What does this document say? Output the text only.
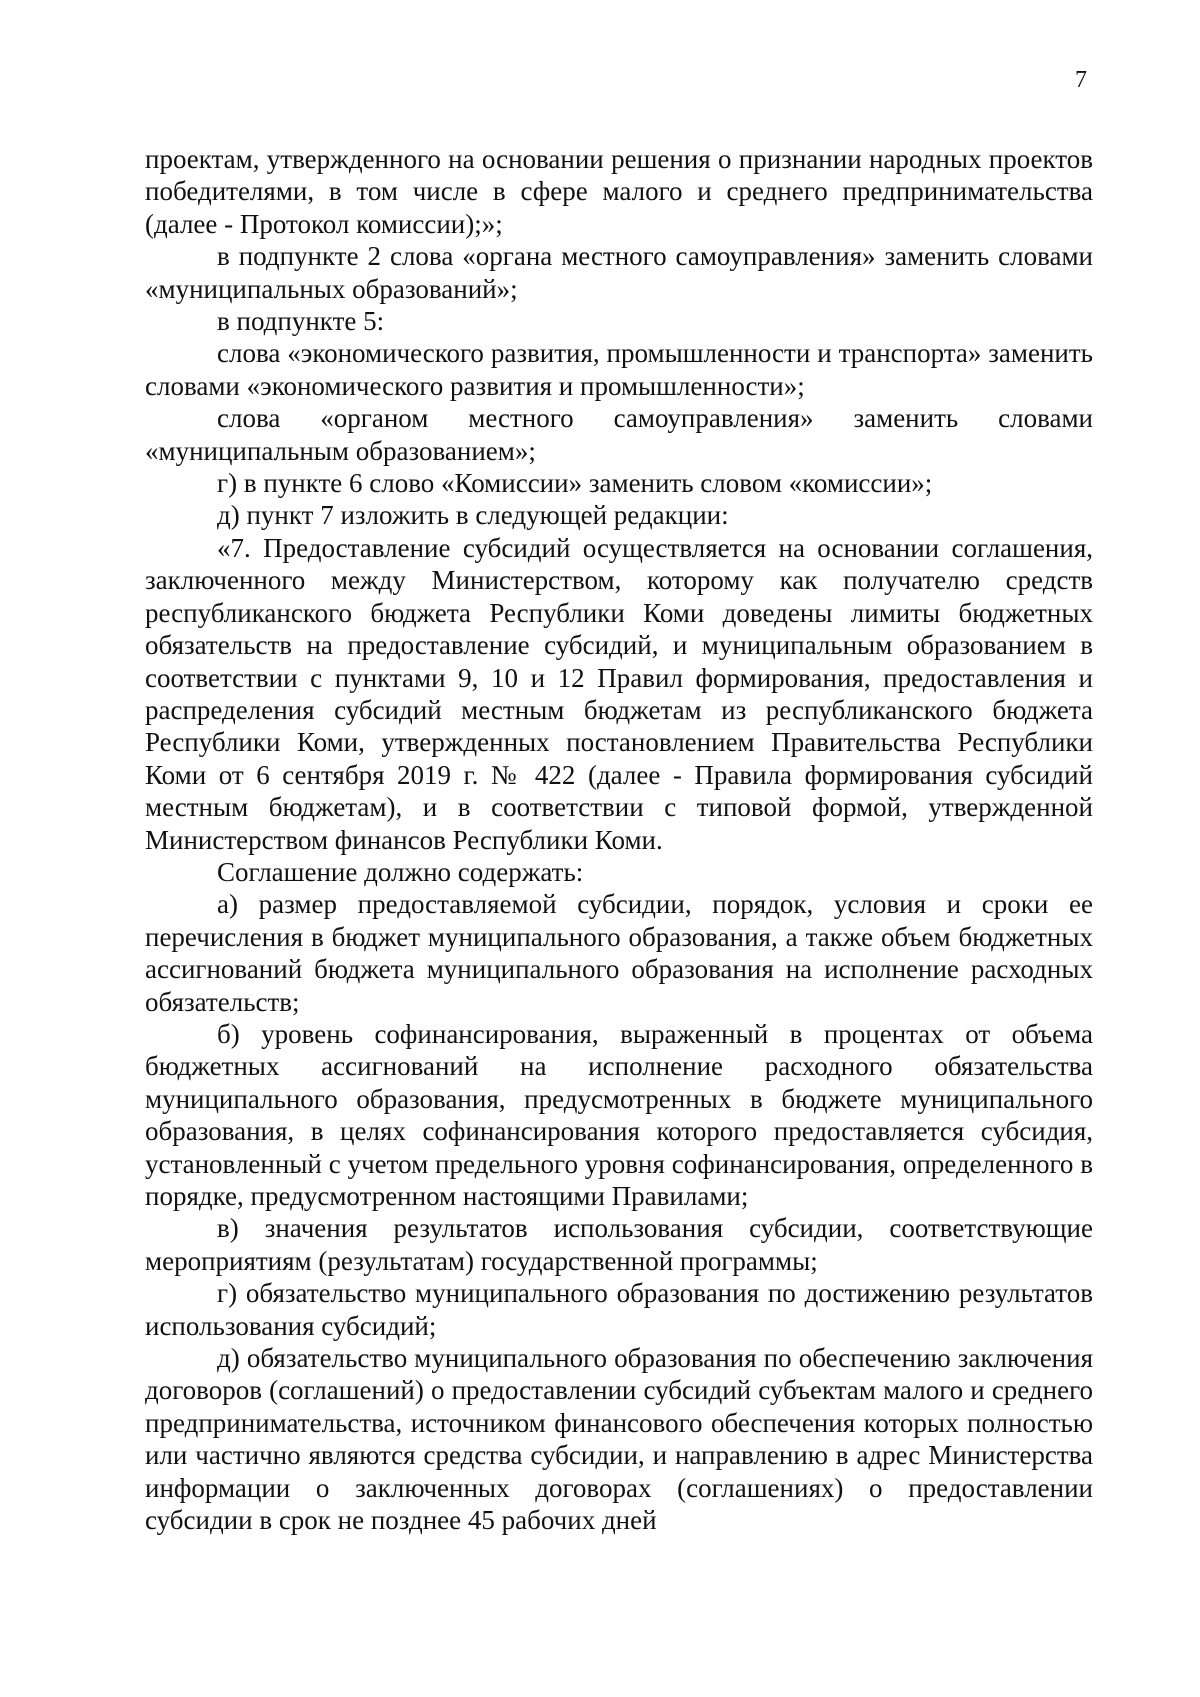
7

проектам, утвержденного на основании решения о признании народных проектов победителями, в том числе в сфере малого и среднего предпринимательства (далее - Протокол комиссии);»;

в подпункте 2 слова «органа местного самоуправления» заменить словами «муниципальных образований»;

в подпункте 5:

слова «экономического развития, промышленности и транспорта» заменить словами «экономического развития и промышленности»;

слова «органом местного самоуправления» заменить словами «муниципальным образованием»;

г) в пункте 6 слово «Комиссии» заменить словом «комиссии»;

д) пункт 7 изложить в следующей редакции:

«7. Предоставление субсидий осуществляется на основании соглашения, заключенного между Министерством, которому как получателю средств республиканского бюджета Республики Коми доведены лимиты бюджетных обязательств на предоставление субсидий, и муниципальным образованием в соответствии с пунктами 9, 10 и 12 Правил формирования, предоставления и распределения субсидий местным бюджетам из республиканского бюджета Республики Коми, утвержденных постановлением Правительства Республики Коми от 6 сентября 2019 г. № 422 (далее - Правила формирования субсидий местным бюджетам), и в соответствии с типовой формой, утвержденной Министерством финансов Республики Коми.

Соглашение должно содержать:

а) размер предоставляемой субсидии, порядок, условия и сроки ее перечисления в бюджет муниципального образования, а также объем бюджетных ассигнований бюджета муниципального образования на исполнение расходных обязательств;

б) уровень софинансирования, выраженный в процентах от объема бюджетных ассигнований на исполнение расходного обязательства муниципального образования, предусмотренных в бюджете муниципального образования, в целях софинансирования которого предоставляется субсидия, установленный с учетом предельного уровня софинансирования, определенного в порядке, предусмотренном настоящими Правилами;

в) значения результатов использования субсидии, соответствующие мероприятиям (результатам) государственной программы;

г) обязательство муниципального образования по достижению результатов использования субсидий;

д) обязательство муниципального образования по обеспечению заключения договоров (соглашений) о предоставлении субсидий субъектам малого и среднего предпринимательства, источником финансового обеспечения которых полностью или частично являются средства субсидии, и направлению в адрес Министерства информации о заключенных договорах (соглашениях) о предоставлении субсидии в срок не позднее 45 рабочих дней
